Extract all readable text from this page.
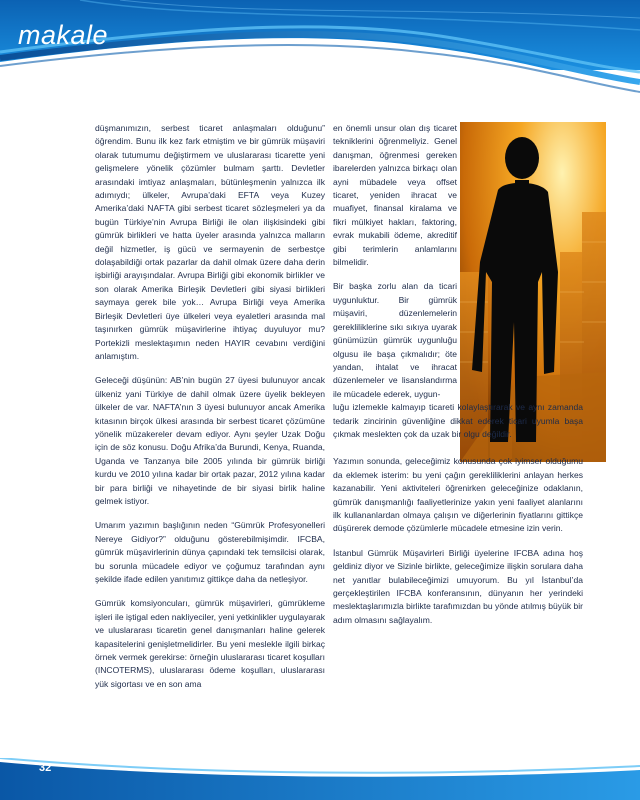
makale

düşmanımızın, serbest ticaret anlaşmaları olduğunu” öğrendim. Bunu ilk kez fark etmiştim ve bir gümrük müşaviri olarak tutumumu değiştirmem ve uluslararası ticarette yeni gelişmelere yönelik çözümler bulmam şarttı. Devletler arasındaki imtiyaz anlaşmaları, bütünleşmenin yalnızca ilk adımıydı; ülkeler, Avrupa’daki EFTA veya Kuzey Amerika’daki NAFTA gibi serbest ticaret sözleşmeleri ya da bugün Türkiye’nin Avrupa Birliği ile olan ilişkisindeki gibi gümrük birlikleri ve hatta üyeler arasında yalnızca malların değil hizmetler, iş gücü ve sermayenin de serbestçe dolaşabildiği ortak pazarlar da dahil olmak üzere daha derin işbirliği arayışındalar. Avrupa Birliği gibi ekonomik birlikler ve son olarak Amerika Birleşik Devletleri gibi siyasi birlikleri saymaya gerek bile yok… Avrupa Birliği veya Amerika Birleşik Devletleri üye ülkeleri veya eyaletleri arasında mal taşınırken gümrük müşavirlerine ihtiyaç duyuluyor mu? Portekizli meslektaşımın neden HAYIR cevabını verdiğini anlamıştım.

Geleceği düşünün: AB’nin bugün 27 üyesi bulunuyor ancak ülkeniz yani Türkiye de dahil olmak üzere üyelik bekleyen ülkeler de var. NAFTA’nın 3 üyesi bulunuyor ancak Amerika kıtasının birçok ülkesi arasında bir serbest ticaret çözümüne yönelik müzakereler devam ediyor. Aynı şeyler Uzak Doğu için de söz konusu. Doğu Afrika’da Burundi, Kenya, Ruanda, Uganda ve Tanzanya bile 2005 yılında bir gümrük birliği kurdu ve 2010 yılına kadar bir ortak pazar, 2012 yılına kadar bir para birliği ve nihayetinde de bir siyasi birlik haline gelmek istiyor.

Umarım yazımın başlığının neden “Gümrük Profesyonelleri Nereye Gidiyor?” olduğunu gösterebilmişimdir. IFCBA, gümrük müşavirlerinin dünya çapındaki tek temsilcisi olarak, bu sorunla mücadele ediyor ve çoğumuz tarafından aynı şekilde ifade edilen yanıtımız gittikçe daha da netleşiyor.

Gümrük komsiyoncuları, gümrük müşavirleri, gümrükleme işleri ile iştigal eden nakliyeciler, yeni yetkinlikler uygulayarak ve uluslararası ticaretin genel danışmanları haline gelerek kapasitelerini genişletmelidirler. Bu yeni meslekle ilgili birkaç örnek vermek gerekirse: örneğin uluslararası ticaret koşulları (INCOTERMS), uluslararası ödeme koşulları, uluslararası yük sigortası ve en son ama

en önemli unsur olan dış ticaret tekniklerini öğrenmeliyiz. Genel danışman, öğrenmesi gereken ibarelerden yalnızca birkaçı olan ayni mübadele veya offset ticaret, yeniden ihracat ve muafiyet, finansal kiralama ve fikri mülkiyet hakları, faktoring, evrak mukabili ödeme, akreditif gibi terimlerin anlamlarını bilmelidir.

Bir başka zorlu alan da ticari uygunluktur. Bir gümrük müşaviri, düzenlemelerin gerekliliklerine sıkı sıkıya uyarak günümüzün gümrük uygunluğu olgusu ile başa çıkmalıdır; öte yandan, ihtalat ve ihracat düzenlemeler ve lisanslandırma ile mücadele ederek, uygun-

luğu izlemekle kalmayıp ticareti kolaylaştırarak ve aynı zamanda tedarik zincirinin güvenliğine dikkat ederek ticari uyumla başa çıkmak meslekten çok da uzak bir olgu değildir.

Yazımın sonunda, geleceğimiz konusunda çok iyimser olduğumu da eklemek isterim: bu yeni çağın gerekliliklerini anlayan herkes kazanabilir. Yeni aktiviteleri öğrenirken geleceğinize odaklanın, gümrük danışmanlığı faaliyetlerinize yakın yeni faaliyet alanlarını ilk kullananlardan olmaya çalışın ve diğerlerinin fiyatlarını gittikçe düşürerek demode çözümlerle mücadele etmesine izin verin.

İstanbul Gümrük Müşavirleri Birliği üyelerine IFCBA adına hoş geldiniz diyor ve Sizinle birlikte, geleceğimize ilişkin sorulara daha net yanıtlar bulabileceğimizi umuyorum. Bu yıl İstanbul’da gerçekleştirilen IFCBA konferansının, dünyanın her yerindeki meslektaşlarımızla birlikte tarafımızdan bu yönde atılmış büyük bir adım olmasını sağlayalım.

32
